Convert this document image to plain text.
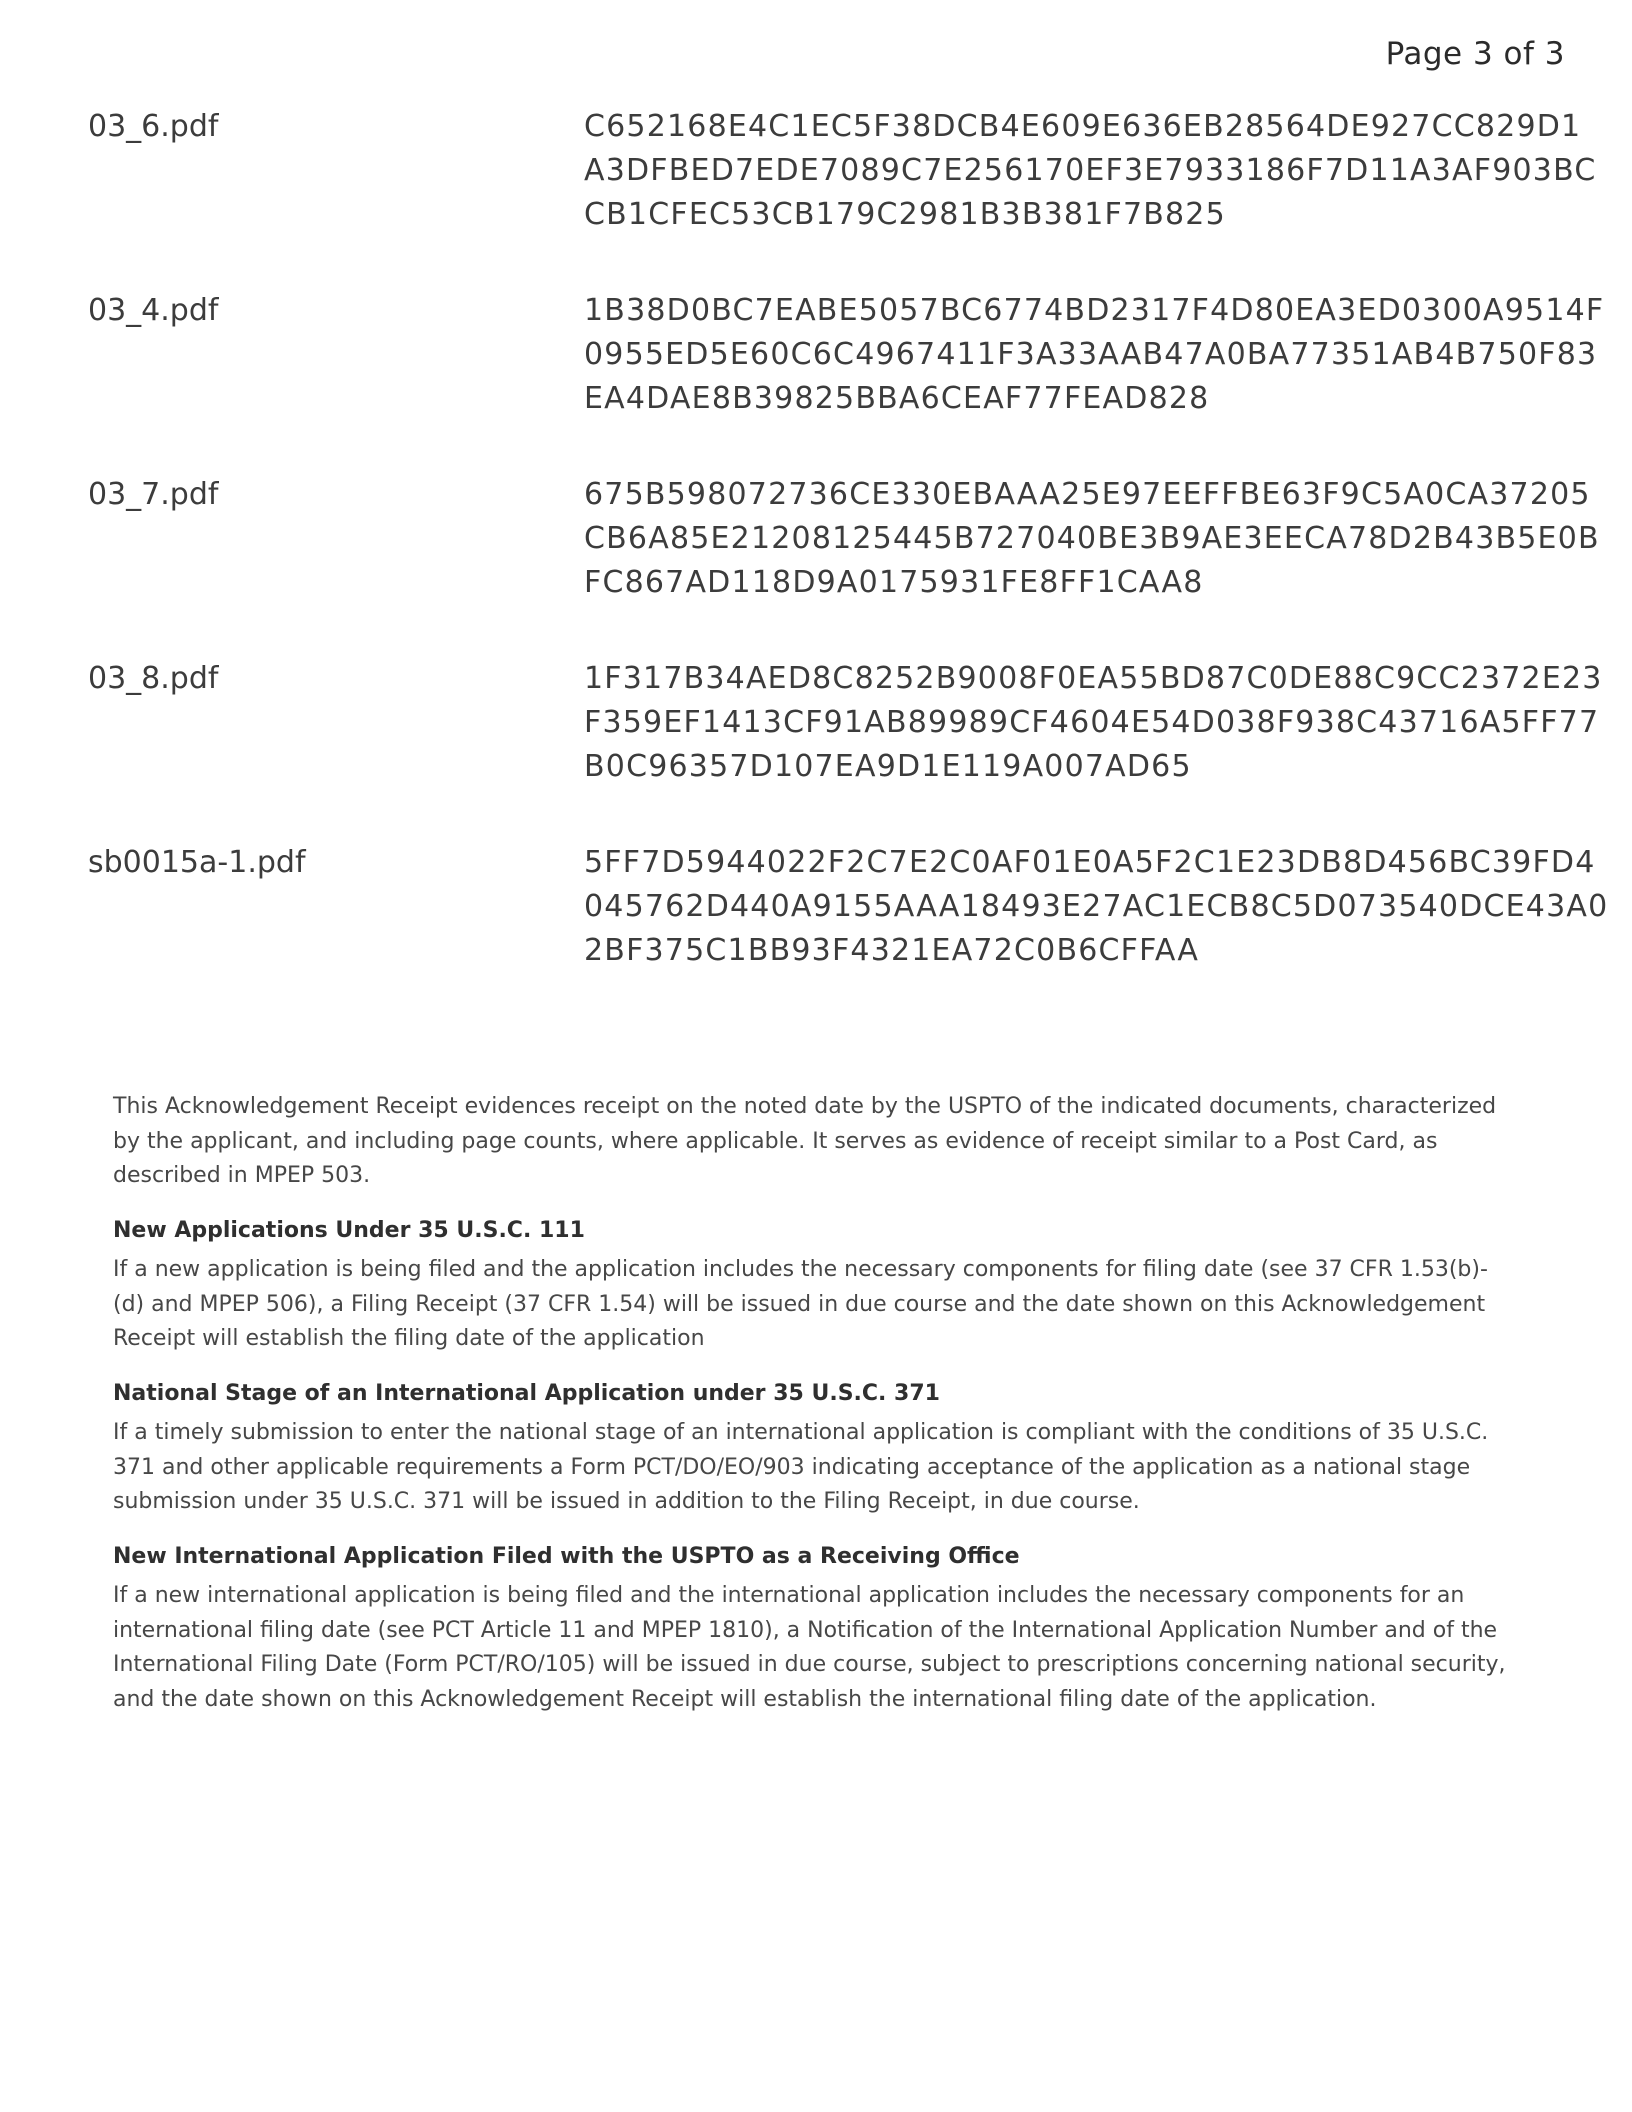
Page 3 of 3
03_6.pdf	C652168E4C1EC5F38DCB4E609E636EB28564DE927CC829D1
A3DFBED7EDE7089C7E256170EF3E7933186F7D11A3AF903BC
CB1CFEC53CB179C2981B3B381F7B825
03_4.pdf	1B38D0BC7EABE5057BC6774BD2317F4D80EA3ED0300A9514F
0955ED5E60C6C4967411F3A33AAB47A0BA77351AB4B750F83
EA4DAE8B39825BBA6CEAF77FEAD828
03_7.pdf	675B598072736CE330EBAAA25E97EEFFBE63F9C5A0CA37205
CB6A85E21208125445B727040BE3B9AE3EECA78D2B43B5E0B
FC867AD118D9A0175931FE8FF1CAA8
03_8.pdf	1F317B34AED8C8252B9008F0EA55BD87C0DE88C9CC2372E23
F359EF1413CF91AB89989CF4604E54D038F938C43716A5FF77
B0C96357D107EA9D1E119A007AD65
sb0015a-1.pdf	5FF7D5944022F2C7E2C0AF01E0A5F2C1E23DB8D456BC39FD4
045762D440A9155AAA18493E27AC1ECB8C5D073540DCE43A0
2BF375C1BB93F4321EA72C0B6CFFAA

This Acknowledgement Receipt evidences receipt on the noted date by the USPTO of the indicated documents, characterized by the applicant, and including page counts, where applicable. It serves as evidence of receipt similar to a Post Card, as described in MPEP 503.

New Applications Under 35 U.S.C. 111

If a new application is being filed and the application includes the necessary components for filing date (see 37 CFR 1.53(b)-(d) and MPEP 506), a Filing Receipt (37 CFR 1.54) will be issued in due course and the date shown on this Acknowledgement Receipt will establish the filing date of the application

National Stage of an International Application under 35 U.S.C. 371

If a timely submission to enter the national stage of an international application is compliant with the conditions of 35 U.S.C. 371 and other applicable requirements a Form PCT/DO/EO/903 indicating acceptance of the application as a national stage submission under 35 U.S.C. 371 will be issued in addition to the Filing Receipt, in due course.

New International Application Filed with the USPTO as a Receiving Office

If a new international application is being filed and the international application includes the necessary components for an international filing date (see PCT Article 11 and MPEP 1810), a Notification of the International Application Number and of the International Filing Date (Form PCT/RO/105) will be issued in due course, subject to prescriptions concerning national security, and the date shown on this Acknowledgement Receipt will establish the international filing date of the application.
